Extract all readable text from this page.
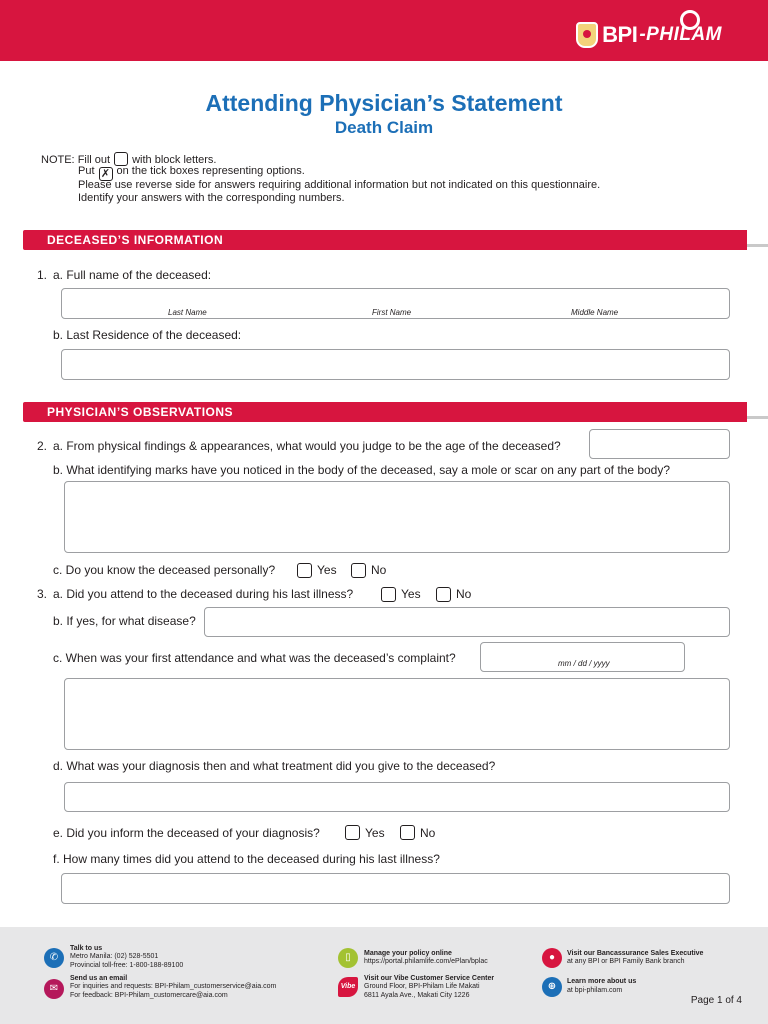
BPI -PHILAM
Attending Physician’s Statement
Death Claim
NOTE: Fill out with block letters.
Put ✗ on the tick boxes representing options.
Please use reverse side for answers requiring additional information but not indicated on this questionnaire.
Identify your answers with the corresponding numbers.
DECEASED’S INFORMATION
1. a. Full name of the deceased:
Last Name	First Name	Middle Name
b. Last Residence of the deceased:
PHYSICIAN’S OBSERVATIONS
2. a. From physical findings & appearances, what would you judge to be the age of the deceased?
b. What identifying marks have you noticed in the body of the deceased, say a mole or scar on any part of the body?
c. Do you know the deceased personally?	Yes	No
3. a. Did you attend to the deceased during his last illness?	Yes	No
b. If yes, for what disease?
c. When was your first attendance and what was the deceased’s complaint?	mm / dd / yyyy
d. What was your diagnosis then and what treatment did you give to the deceased?
e. Did you inform the deceased of your diagnosis?	Yes	No
f. How many times did you attend to the deceased during his last illness?
✆
Talk to us
Metro Manila: (02) 528-5501
Provincial toll-free: 1-800-188-89100
✉
Send us an email
For inquiries and requests: BPI-Philam_customerservice@aia.com
For feedback: BPI-Philam_customercare@aia.com
▯	Manage your policy online
https://portal.philamlife.com/ePlan/bplac
Vibe
Visit our Vibe Customer Service Center
Ground Floor, BPI-Philam Life Makati
6811 Ayala Ave., Makati City 1226
●	Visit our Bancassurance Sales Executive
at any BPI or BPI Family Bank branch
⊕	Learn more about us
at bpi-philam.com
Page 1 of 4
